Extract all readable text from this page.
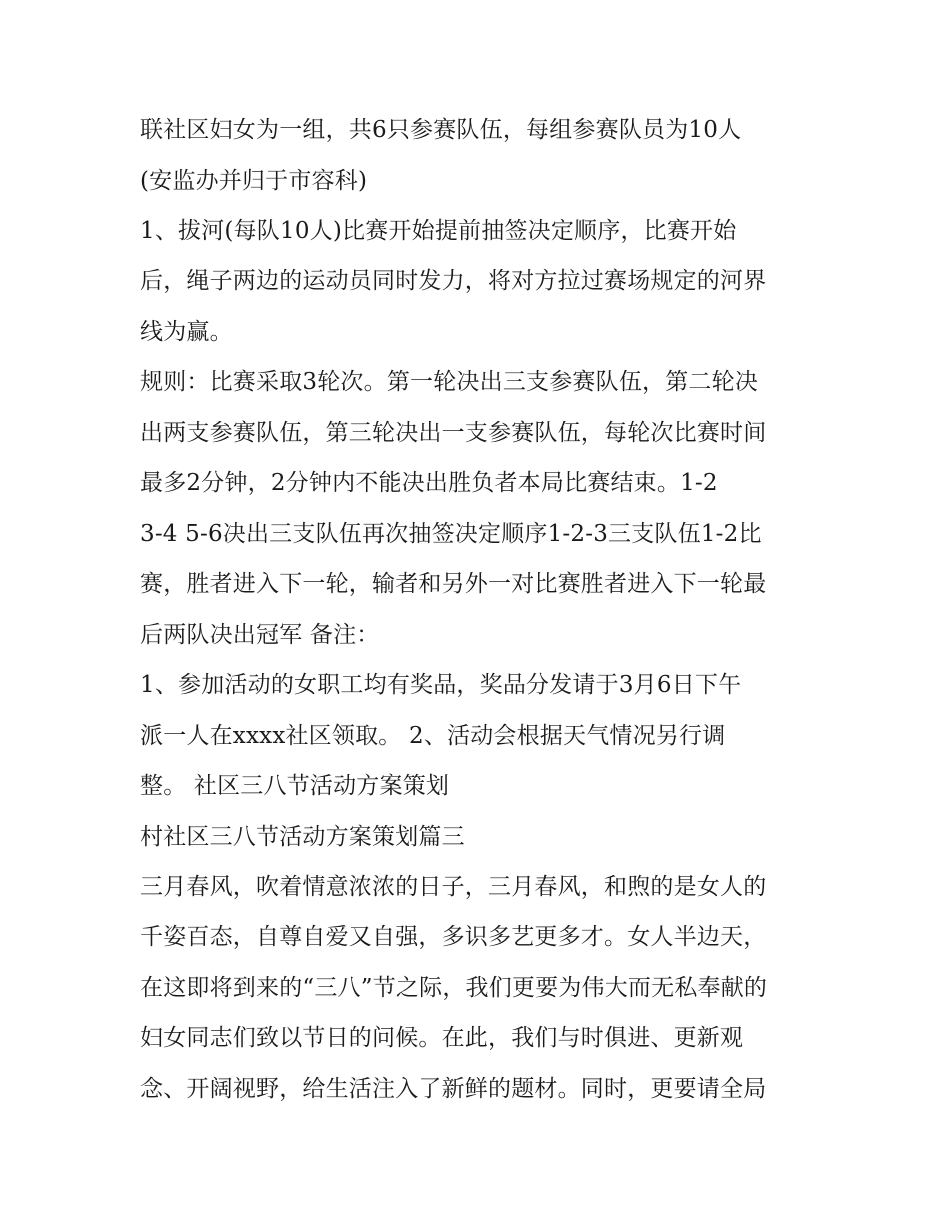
联社区妇女为一组，共6只参赛队伍，每组参赛队员为10人
(安监办并归于市容科)
1、拔河(每队10人)比赛开始提前抽签决定顺序，比赛开始
后，绳子两边的运动员同时发力，将对方拉过赛场规定的河界
线为赢。
规则：比赛采取3轮次。第一轮决出三支参赛队伍，第二轮决
出两支参赛队伍，第三轮决出一支参赛队伍，每轮次比赛时间
最多2分钟，2分钟内不能决出胜负者本局比赛结束。1-2
3-4 5-6决出三支队伍再次抽签决定顺序1-2-3三支队伍1-2比
赛，胜者进入下一轮，输者和另外一对比赛胜者进入下一轮最
后两队决出冠军 备注：
1、参加活动的女职工均有奖品，奖品分发请于3月6日下午
派一人在xxxx社区领取。 2、活动会根据天气情况另行调
整。 社区三八节活动方案策划
村社区三八节活动方案策划篇三
三月春风，吹着情意浓浓的日子，三月春风，和煦的是女人的
千姿百态，自尊自爱又自强，多识多艺更多才。女人半边天，
在这即将到来的“三八”节之际，我们更要为伟大而无私奉献的
妇女同志们致以节日的问候。在此，我们与时俱进、更新观
念、开阔视野，给生活注入了新鲜的题材。同时，更要请全局
